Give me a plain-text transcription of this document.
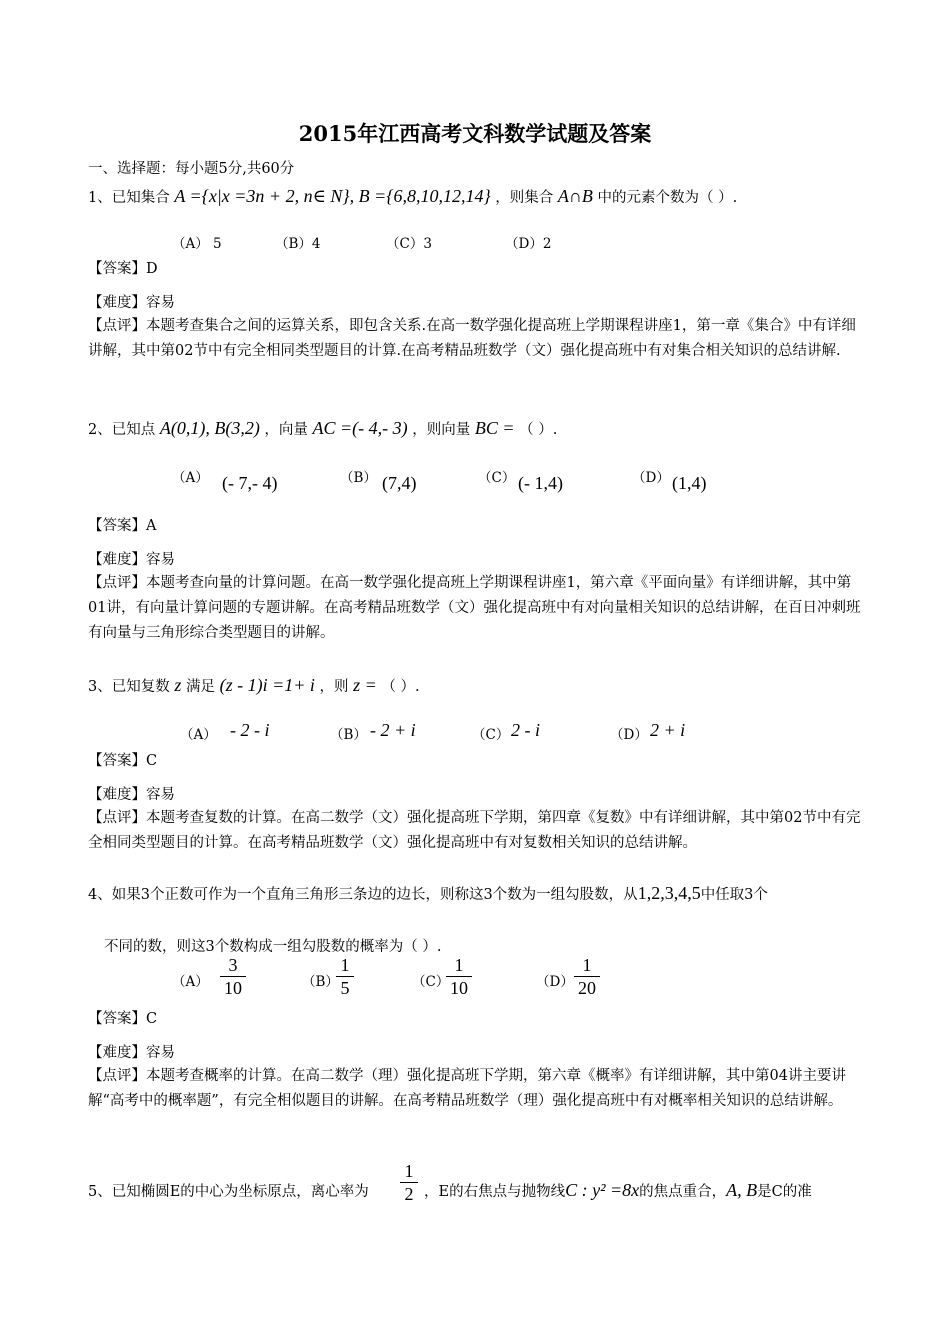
2015年江西高考文科数学试题及答案
一、选择题：每小题5分,共60分
1、已知集合 A ={x|x =3n + 2, n∈ N}, B ={6,8,10,12,14} ，则集合 A∩B 中的元素个数为（ ）.
（A） 5	（B）4	（C）3	（D）2
【答案】D
【难度】容易
【点评】本题考查集合之间的运算关系，即包含关系.在高一数学强化提高班上学期课程讲座1，第一章《集合》中有详细讲解，其中第02节中有完全相同类型题目的计算.在高考精品班数学（文）强化提高班中有对集合相关知识的总结讲解.
2、已知点 A(0,1), B(3,2) ，向量 AC =(- 4,- 3) ，则向量 BC = （ ）.
（A） (- 7,- 4)	（B） (7,4)	（C） (- 1,4)	（D） (1,4)
【答案】A
【难度】容易
【点评】本题考查向量的计算问题。在高一数学强化提高班上学期课程讲座1，第六章《平面向量》有详细讲解，其中第01讲，有向量计算问题的专题讲解。在高考精品班数学（文）强化提高班中有对向量相关知识的总结讲解，在百日冲刺班有向量与三角形综合类型题目的讲解。
3、已知复数 z 满足 (z - 1)i =1+ i ，则 z = （ ）.
（A） - 2 - i	（B） - 2 + i	（C） 2 - i	（D） 2 + i
【答案】C
【难度】容易
【点评】本题考查复数的计算。在高二数学（文）强化提高班下学期，第四章《复数》中有详细讲解，其中第02节中有完全相同类型题目的计算。在高考精品班数学（文）强化提高班中有对复数相关知识的总结讲解。
4、如果3个正数可作为一个直角三角形三条边的边长，则称这3个数为一组勾股数，从1,2,3,4,5中任取3个
不同的数，则这3个数构成一组勾股数的概率为（ ）.
（A）
3
10	（B）
1
5	（C）
1
10	（D）
1
20
【答案】C
【难度】容易
【点评】本题考查概率的计算。在高二数学（理）强化提高班下学期，第六章《概率》有详细讲解，其中第04讲主要讲解“高考中的概率题”，有完全相似题目的讲解。在高考精品班数学（理）强化提高班中有对概率相关知识的总结讲解。
5、已知椭圆E的中心为坐标原点，离心率为
1
2 ，E的右焦点与抛物线C : y² =8x的焦点重合，A, B是C的准
